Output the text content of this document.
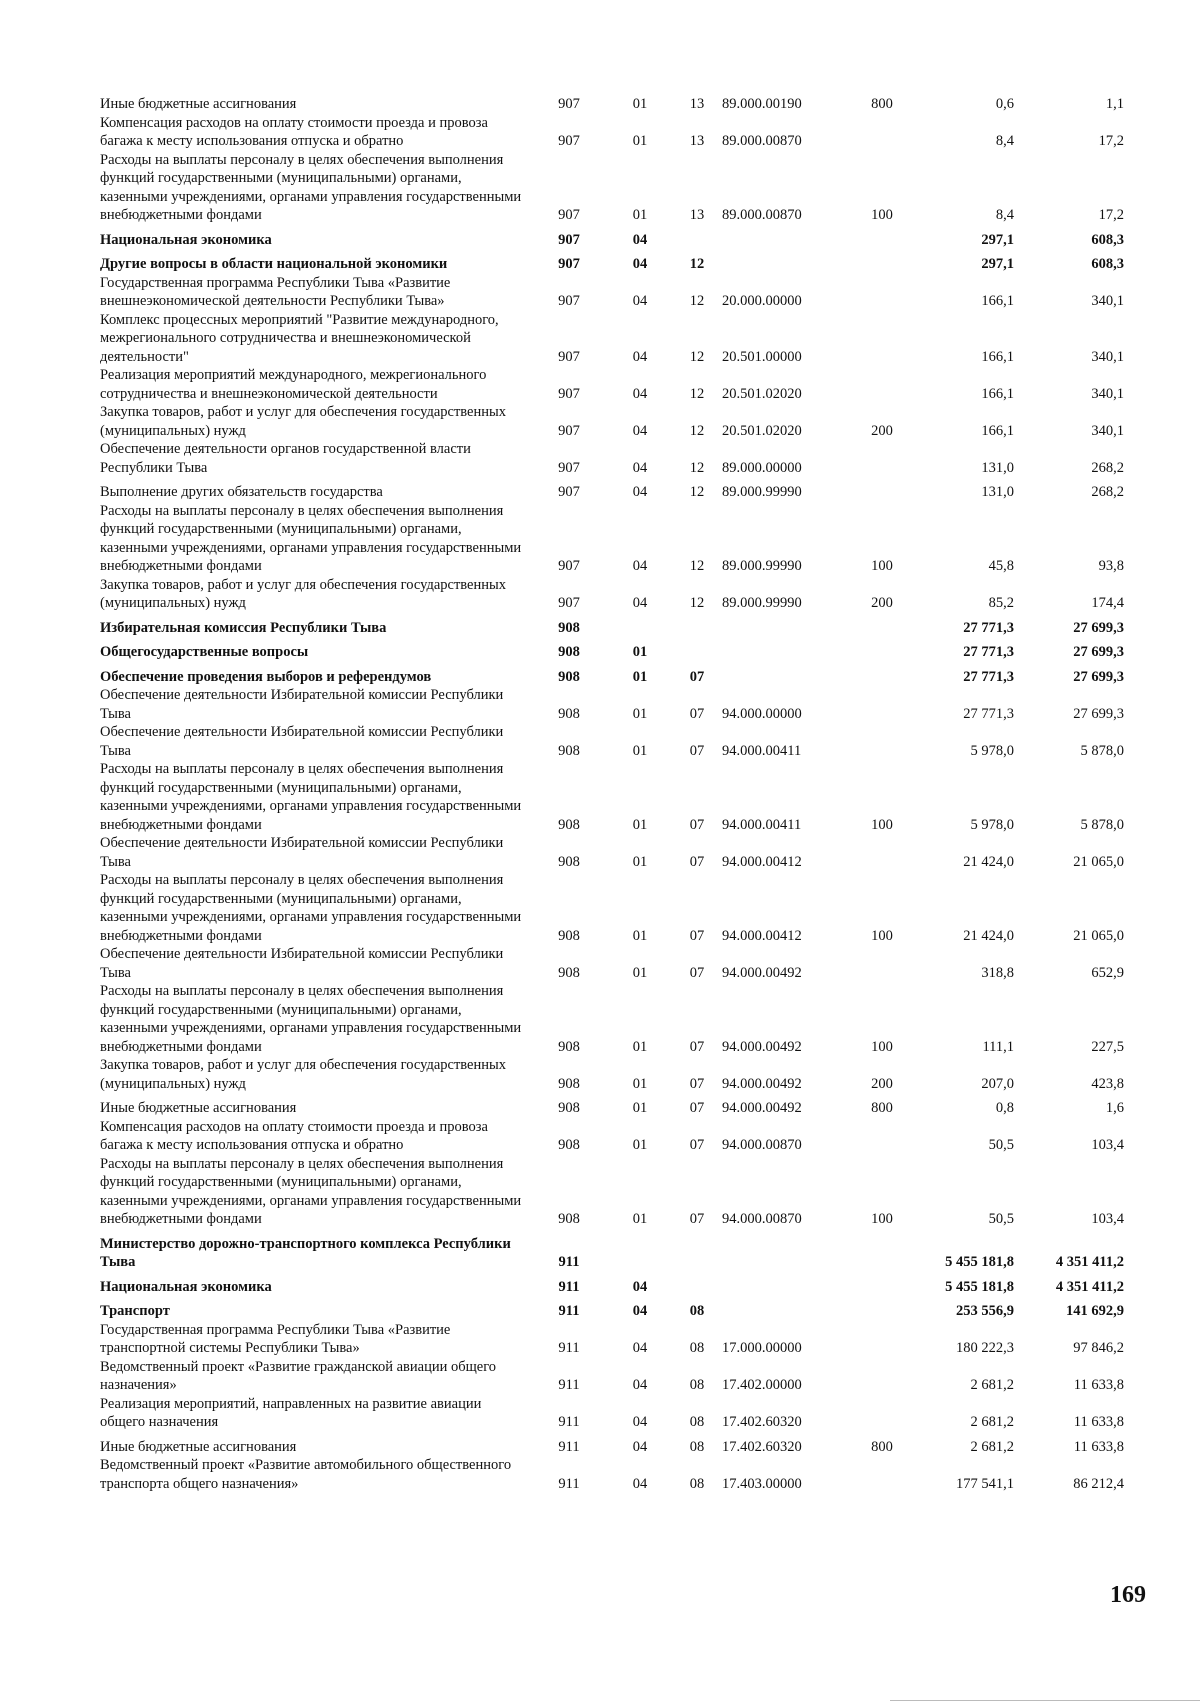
Иные бюджетные ассигнования	907	01	13	89.000.00190	800	0,6	1,1
Компенсация расходов на оплату стоимости проезда и провоза багажа к месту использования отпуска и обратно	907	01	13	89.000.00870		8,4	17,2
Расходы на выплаты персоналу в целях обеспечения выполнения функций государственными (муниципальными) органами, казенными учреждениями, органами управления государственными внебюджетными фондами	907	01	13	89.000.00870	100	8,4	17,2
Национальная экономика	907	04				297,1	608,3
Другие вопросы в области национальной экономики	907	04	12			297,1	608,3
Государственная программа Республики Тыва «Развитие внешнеэкономической деятельности Республики Тыва»	907	04	12	20.000.00000		166,1	340,1
Комплекс процессных мероприятий "Развитие международного, межрегионального сотрудничества и внешнеэкономической деятельности"	907	04	12	20.501.00000		166,1	340,1
Реализация мероприятий международного, межрегионального сотрудничества и внешнеэкономической деятельности	907	04	12	20.501.02020		166,1	340,1
Закупка товаров, работ и услуг для обеспечения государственных (муниципальных) нужд	907	04	12	20.501.02020	200	166,1	340,1
Обеспечение деятельности органов государственной власти Республики Тыва	907	04	12	89.000.00000		131,0	268,2
Выполнение других обязательств государства	907	04	12	89.000.99990		131,0	268,2
Расходы на выплаты персоналу в целях обеспечения выполнения функций государственными (муниципальными) органами, казенными учреждениями, органами управления государственными внебюджетными фондами	907	04	12	89.000.99990	100	45,8	93,8
Закупка товаров, работ и услуг для обеспечения государственных (муниципальных) нужд	907	04	12	89.000.99990	200	85,2	174,4
Избирательная комиссия Республики Тыва	908					27 771,3	27 699,3
Общегосударственные вопросы	908	01				27 771,3	27 699,3
Обеспечение проведения выборов и референдумов	908	01	07			27 771,3	27 699,3
Обеспечение деятельности Избирательной комиссии Республики Тыва	908	01	07	94.000.00000		27 771,3	27 699,3
Обеспечение деятельности Избирательной комиссии Республики Тыва	908	01	07	94.000.00411		5 978,0	5 878,0
Расходы на выплаты персоналу в целях обеспечения выполнения функций государственными (муниципальными) органами, казенными учреждениями, органами управления государственными внебюджетными фондами	908	01	07	94.000.00411	100	5 978,0	5 878,0
Обеспечение деятельности Избирательной комиссии Республики Тыва	908	01	07	94.000.00412		21 424,0	21 065,0
Расходы на выплаты персоналу в целях обеспечения выполнения функций государственными (муниципальными) органами, казенными учреждениями, органами управления государственными внебюджетными фондами	908	01	07	94.000.00412	100	21 424,0	21 065,0
Обеспечение деятельности Избирательной комиссии Республики Тыва	908	01	07	94.000.00492		318,8	652,9
Расходы на выплаты персоналу в целях обеспечения выполнения функций государственными (муниципальными) органами, казенными учреждениями, органами управления государственными внебюджетными фондами	908	01	07	94.000.00492	100	111,1	227,5
Закупка товаров, работ и услуг для обеспечения государственных (муниципальных) нужд	908	01	07	94.000.00492	200	207,0	423,8
Иные бюджетные ассигнования	908	01	07	94.000.00492	800	0,8	1,6
Компенсация расходов на оплату стоимости проезда и провоза багажа к месту использования отпуска и обратно	908	01	07	94.000.00870		50,5	103,4
Расходы на выплаты персоналу в целях обеспечения выполнения функций государственными (муниципальными) органами, казенными учреждениями, органами управления государственными внебюджетными фондами	908	01	07	94.000.00870	100	50,5	103,4
Министерство дорожно-транспортного комплекса Республики Тыва	911					5 455 181,8	4 351 411,2
Национальная экономика	911	04				5 455 181,8	4 351 411,2
Транспорт	911	04	08			253 556,9	141 692,9
Государственная программа Республики Тыва «Развитие транспортной системы Республики Тыва»	911	04	08	17.000.00000		180 222,3	97 846,2
Ведомственный проект «Развитие гражданской авиации общего назначения»	911	04	08	17.402.00000		2 681,2	11 633,8
Реализация мероприятий, направленных на развитие авиации общего назначения	911	04	08	17.402.60320		2 681,2	11 633,8
Иные бюджетные ассигнования	911	04	08	17.402.60320	800	2 681,2	11 633,8
Ведомственный проект «Развитие автомобильного общественного транспорта общего назначения»	911	04	08	17.403.00000		177 541,1	86 212,4
169
